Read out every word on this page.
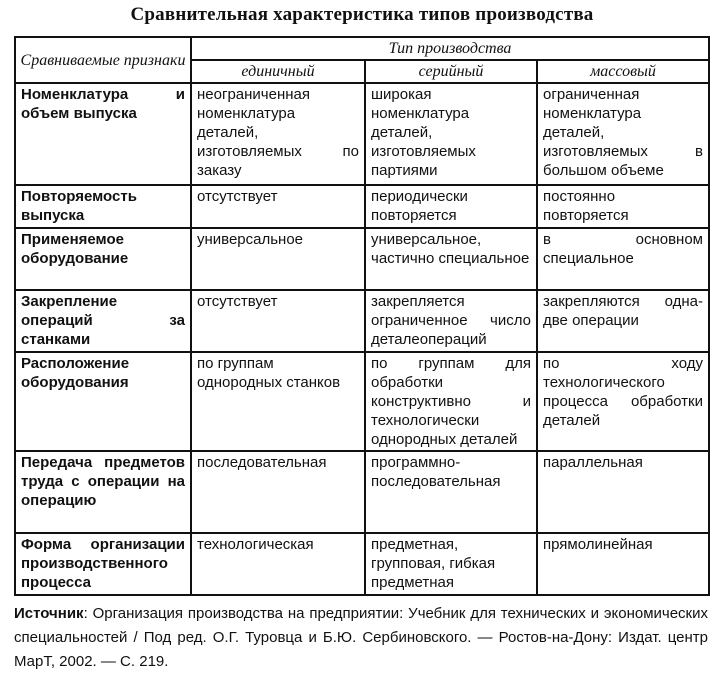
Сравнительная характеристика типов производства
Сравниваемые признаки	Тип производства		
	единичный	серийный	массовый
Номенклатура и объем выпуска	неограниченная номенклатура деталей, изготовляемых по заказу	широкая номенклатура деталей, изготовляемых партиями	ограниченная номенклатура деталей, изготовляемых в большом объеме
Повторяемость выпуска	отсутствует	периодически повторяется	постоянно повторяется
Применяемое оборудование	универсальное	универсальное, частично специальное	в основном специальное
Закрепление операций за станками	отсутствует	закрепляется ограниченное число деталеопераций	закрепляются одна-две операции
Расположение оборудования	по группам однородных станков	по группам для обработки конструктивно и технологически однородных деталей	по ходу технологического процесса обработки деталей
Передача предметов труда с операции на операцию	последовательная	программно-последовательная	параллельная
Форма организации производственного процесса	технологическая	предметная, групповая, гибкая предметная	прямолинейная
Источник: Организация производства на предприятии: Учебник для технических и экономических специальностей / Под ред. О.Г. Туровца и Б.Ю. Сербиновского. — Ростов-на-Дону: Издат. центр МарТ, 2002. — С. 219.
